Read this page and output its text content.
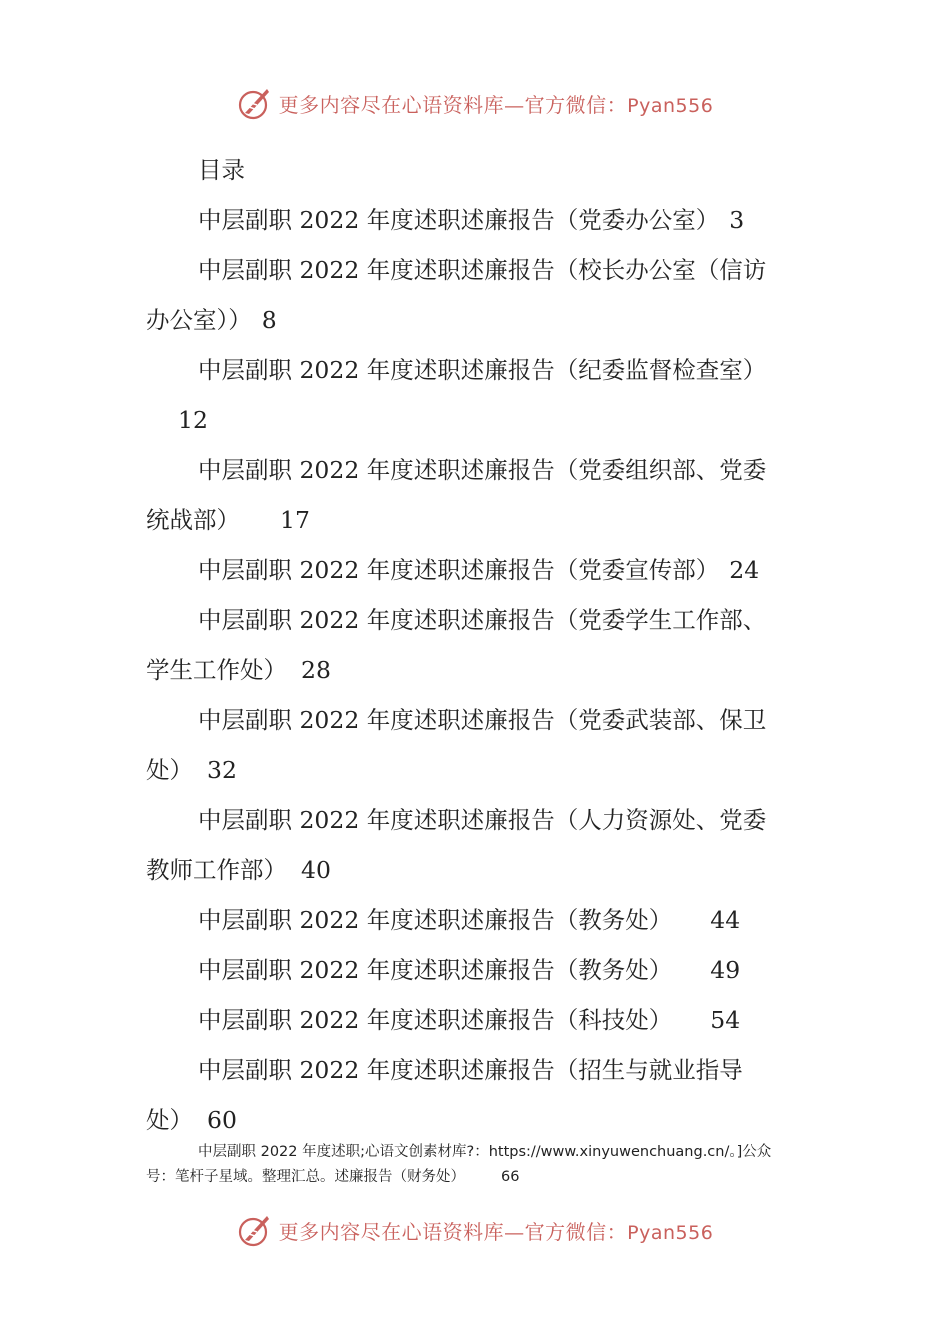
更多内容尽在心语资料库—官方微信：Pyan556
目录
中层副职 2022 年度述职述廉报告（党委办公室） 3
中层副职 2022 年度述职述廉报告（校长办公室（信访
办公室）） 8
中层副职 2022 年度述职述廉报告（纪委监督检查室）
12
中层副职 2022 年度述职述廉报告（党委组织部、党委
统战部） 17
中层副职 2022 年度述职述廉报告（党委宣传部） 24
中层副职 2022 年度述职述廉报告（党委学生工作部、
学生工作处） 28
中层副职 2022 年度述职述廉报告（党委武装部、保卫
处） 32
中层副职 2022 年度述职述廉报告（人力资源处、党委
教师工作部） 40
中层副职 2022 年度述职述廉报告（教务处） 44
中层副职 2022 年度述职述廉报告（教务处） 49
中层副职 2022 年度述职述廉报告（科技处） 54
中层副职 2022 年度述职述廉报告（招生与就业指导
处） 60
中层副职 2022 年度述职;心语文创素材库?：https://www.xinyuwenchuang.cn/。]公众
号：笔杆子星域。整理汇总。述廉报告（财务处） 66
更多内容尽在心语资料库—官方微信：Pyan556
